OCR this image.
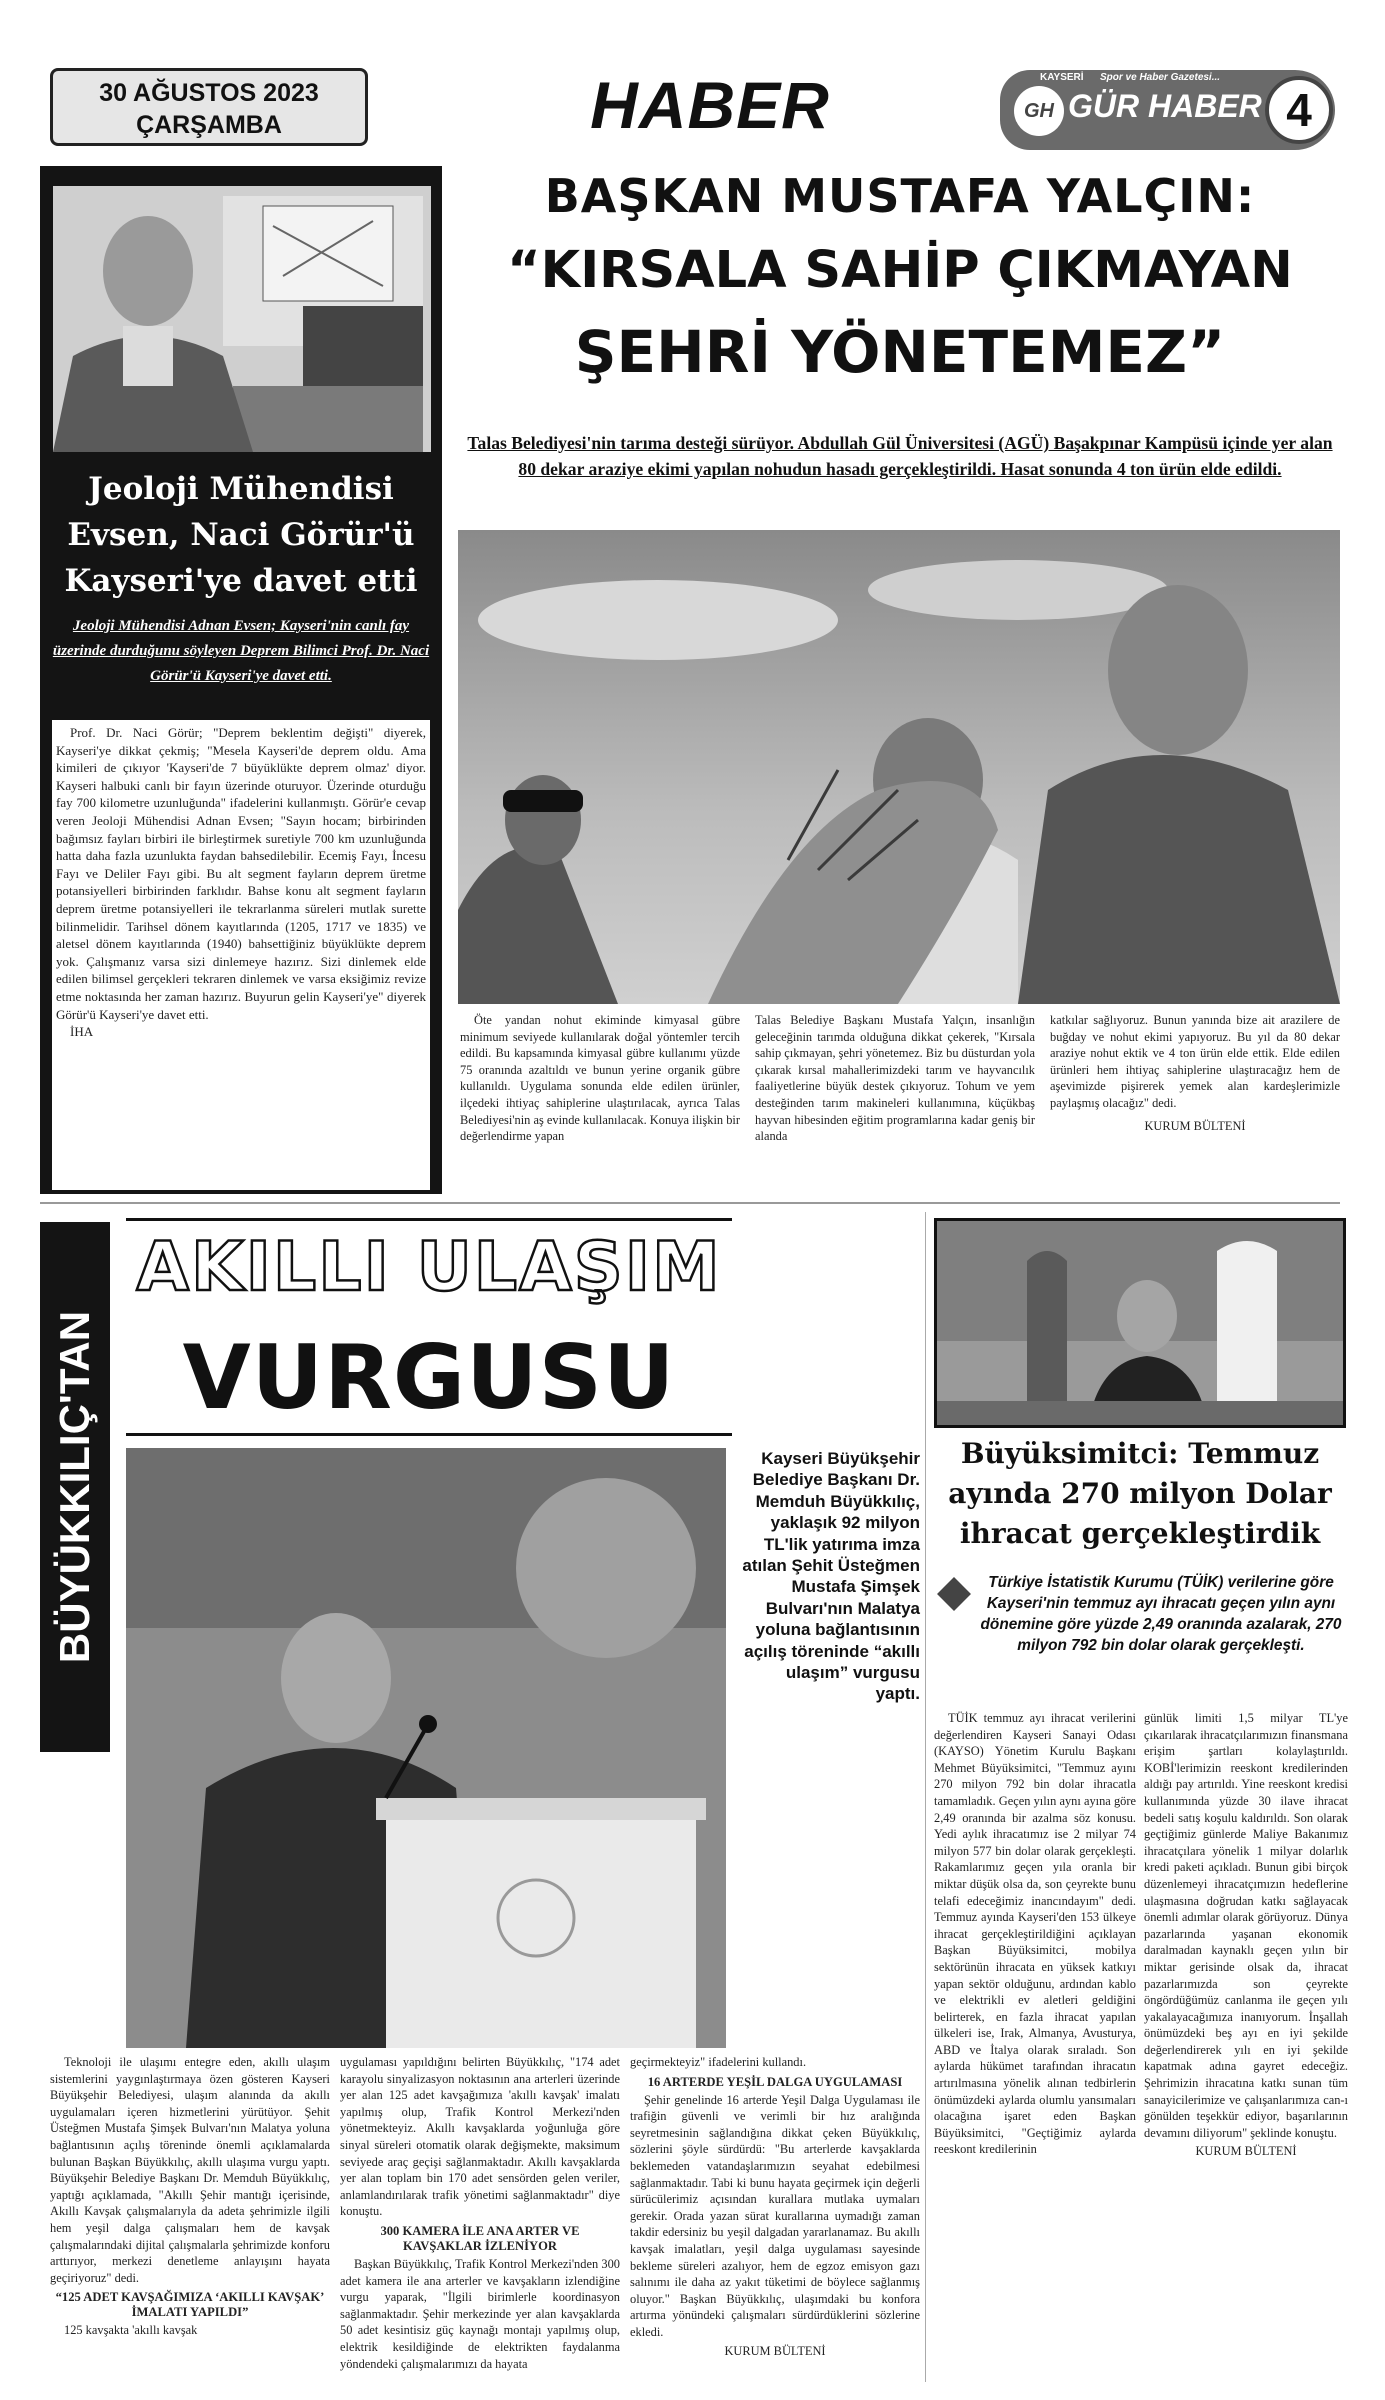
30 AĞUSTOS 2023
ÇARŞAMBA	HABER	KAYSERİ Spor ve Haber Gazetesi...
GH GÜR HABER 4
Jeoloji Mühendisi Evsen, Naci Görür'ü Kayseri'ye davet etti
Jeoloji Mühendisi Adnan Evsen; Kayseri'nin canlı fay üzerinde durduğunu söyleyen Deprem Bilimci Prof. Dr. Naci Görür'ü Kayseri'ye davet etti.

Prof. Dr. Naci Görür; "Deprem beklentim değişti" diyerek, Kayseri'ye dikkat çekmiş; "Mesela Kayseri'de deprem oldu. Ama kimileri de çıkıyor 'Kayseri'de 7 büyüklükte deprem olmaz' diyor. Kayseri halbuki canlı bir fayın üzerinde oturuyor. Üzerinde oturduğu fay 700 kilometre uzunluğunda" ifadelerini kullanmıştı. Görür'e cevap veren Jeoloji Mühendisi Adnan Evsen; "Sayın hocam; birbirinden bağımsız fayları birbiri ile birleştirmek suretiyle 700 km uzunluğunda hatta daha fazla uzunlukta faydan bahsedilebilir. Ecemiş Fayı, İncesu Fayı ve Deliler Fayı gibi. Bu alt segment fayların deprem üretme potansiyelleri birbirinden farklıdır. Bahse konu alt segment fayların deprem üretme potansiyelleri ile tekrarlanma süreleri mutlak surette bilinmelidir. Tarihsel dönem kayıtlarında (1205, 1717 ve 1835) ve aletsel dönem kayıtlarında (1940) bahsettiğiniz büyüklükte deprem yok. Çalışmanız varsa sizi dinlemeye hazırız. Sizi dinlemek elde edilen bilimsel gerçekleri tekraren dinlemek ve varsa eksiğimiz revize etme noktasında her zaman hazırız. Buyurun gelin Kayseri'ye" diyerek Görür'ü Kayseri'ye davet etti.

İHA

BAŞKAN MUSTAFA YALÇIN:
“KIRSALA SAHİP ÇIKMAYAN
ŞEHRİ YÖNETEMEZ”
Talas Belediyesi'nin tarıma desteği sürüyor. Abdullah Gül Üniversitesi (AGÜ) Başakpınar Kampüsü içinde yer alan 80 dekar araziye ekimi yapılan nohudun hasadı gerçekleştirildi. Hasat sonunda 4 ton ürün elde edildi.

Öte yandan nohut ekiminde kimyasal gübre minimum seviyede kullanılarak doğal yöntemler tercih edildi. Bu kapsamında kimyasal gübre kullanımı yüzde 75 oranında azaltıldı ve bunun yerine organik gübre kullanıldı. Uygulama sonunda elde edilen ürünler, ilçedeki ihtiyaç sahiplerine ulaştırılacak, ayrıca Talas Belediyesi'nin aş evinde kullanılacak. Konuya ilişkin bir değerlendirme yapan

Talas Belediye Başkanı Mustafa Yalçın, insanlığın geleceğinin tarımda olduğuna dikkat çekerek, "Kırsala sahip çıkmayan, şehri yönetemez. Biz bu düsturdan yola çıkarak kırsal mahallerimizdeki tarım ve hayvancılık faaliyetlerine büyük destek çıkıyoruz. Tohum ve yem desteğinden tarım makineleri kullanımına, küçükbaş hayvan hibesinden eğitim programlarına kadar geniş bir alanda

katkılar sağlıyoruz. Bunun yanında bize ait arazilere de buğday ve nohut ekimi yapıyoruz. Bu yıl da 80 dekar araziye nohut ektik ve 4 ton ürün elde ettik. Elde edilen ürünleri hem ihtiyaç sahiplerine ulaştıracağız hem de aşevimizde pişirerek yemek alan kardeşlerimizle paylaşmış olacağız" dedi.

KURUM BÜLTENİ

BÜYÜKKILIÇ'TAN
AKILLI ULAŞIM
VURGUSU
Kayseri Büyükşehir Belediye Başkanı Dr. Memduh Büyükkılıç, yaklaşık 92 milyon TL'lik yatırıma imza atılan Şehit Üsteğmen Mustafa Şimşek Bulvarı'nın Malatya yoluna bağlantısının açılış töreninde “akıllı ulaşım” vurgusu yaptı.

Teknoloji ile ulaşımı entegre eden, akıllı ulaşım sistemlerini yaygınlaştırmaya özen gösteren Kayseri Büyükşehir Belediyesi, ulaşım alanında da akıllı uygulamaları içeren hizmetlerini yürütüyor. Şehit Üsteğmen Mustafa Şimşek Bulvarı'nın Malatya yoluna bağlantısının açılış töreninde önemli açıklamalarda bulunan Başkan Büyükkılıç, akıllı ulaşıma vurgu yaptı. Büyükşehir Belediye Başkanı Dr. Memduh Büyükkılıç, yaptığı açıklamada, "Akıllı Şehir mantığı içerisinde, Akıllı Kavşak çalışmalarıyla da adeta şehrimizle ilgili hem yeşil dalga çalışmaları hem de kavşak çalışmalarındaki dijital çalışmalarla şehrimizde konforu arttırıyor, merkezi denetleme anlayışını hayata geçiriyoruz" dedi.

“125 ADET KAVŞAĞIMIZA ‘AKILLI KAVŞAK’ İMALATI YAPILDI”

125 kavşakta 'akıllı kavşak

uygulaması yapıldığını belirten Büyükkılıç, "174 adet karayolu sinyalizasyon noktasının ana arterleri üzerinde yer alan 125 adet kavşağımıza 'akıllı kavşak' imalatı yapılmış olup, Trafik Kontrol Merkezi'nden yönetmekteyiz. Akıllı kavşaklarda yoğunluğa göre sinyal süreleri otomatik olarak değişmekte, maksimum seviyede araç geçişi sağlanmaktadır. Akıllı kavşaklarda yer alan toplam bin 170 adet sensörden gelen veriler, anlamlandırılarak trafik yönetimi sağlanmaktadır" diye konuştu.

300 KAMERA İLE ANA ARTER VE KAVŞAKLAR İZLENİYOR

Başkan Büyükkılıç, Trafik Kontrol Merkezi'nden 300 adet kamera ile ana arterler ve kavşakların izlendiğine vurgu yaparak, "İlgili birimlerle koordinasyon sağlanmaktadır. Şehir merkezinde yer alan kavşaklarda 50 adet kesintisiz güç kaynağı montajı yapılmış olup, elektrik kesildiğinde de elektrikten faydalanma yöndendeki çalışmalarımızı da hayata

geçirmekteyiz" ifadelerini kullandı.

16 ARTERDE YEŞİL DALGA UYGULAMASI

Şehir genelinde 16 arterde Yeşil Dalga Uygulaması ile trafiğin güvenli ve verimli bir hız aralığında seyretmesinin sağlandığına dikkat çeken Büyükkılıç, sözlerini şöyle sürdürdü: "Bu arterlerde kavşaklarda beklemeden vatandaşlarımızın seyahat edebilmesi sağlanmaktadır. Tabi ki bunu hayata geçirmek için değerli sürücülerimiz açısından kurallara mutlaka uymaları gerekir. Orada yazan sürat kurallarına uymadığı zaman takdir edersiniz bu yeşil dalgadan yararlanamaz. Bu akıllı kavşak imalatları, yeşil dalga uygulaması sayesinde bekleme süreleri azalıyor, hem de egzoz emisyon gazı salınımı ile daha az yakıt tüketimi de böylece sağlanmış oluyor." Başkan Büyükkılıç, ulaşımdaki bu konfora artırma yönündeki çalışmaları sürdürdüklerini sözlerine ekledi.

KURUM BÜLTENİ

Büyüksimitci: Temmuz ayında 270 milyon Dolar ihracat gerçekleştirdik
Türkiye İstatistik Kurumu (TÜİK) verilerine göre Kayseri'nin temmuz ayı ihracatı geçen yılın aynı dönemine göre yüzde 2,49 oranında azalarak, 270 milyon 792 bin dolar olarak gerçekleşti.

TÜİK temmuz ayı ihracat verilerini değerlendiren Kayseri Sanayi Odası (KAYSO) Yönetim Kurulu Başkanı Mehmet Büyüksimitci, "Temmuz ayını 270 milyon 792 bin dolar ihracatla tamamladık. Geçen yılın aynı ayına göre 2,49 oranında bir azalma söz konusu. Yedi aylık ihracatımız ise 2 milyar 74 milyon 577 bin dolar olarak gerçekleşti. Rakamlarımız geçen yıla oranla bir miktar düşük olsa da, son çeyrekte bunu telafi edeceğimiz inancındayım" dedi. Temmuz ayında Kayseri'den 153 ülkeye ihracat gerçekleştirildiğini açıklayan Başkan Büyüksimitci, mobilya sektörünün ihracata en yüksek katkıyı yapan sektör olduğunu, ardından kablo ve elektrikli ev aletleri geldiğini belirterek, en fazla ihracat yapılan ülkeleri ise, Irak, Almanya, Avusturya, ABD ve İtalya olarak sıraladı. Son aylarda hükümet tarafından ihracatın artırılmasına yönelik alınan tedbirlerin önümüzdeki aylarda olumlu yansımaları olacağına işaret eden Başkan Büyüksimitci, "Geçtiğimiz aylarda reeskont kredilerinin

günlük limiti 1,5 milyar TL'ye çıkarılarak ihracatçılarımızın finansmana erişim şartları kolaylaştırıldı. KOBİ'lerimizin reeskont kredilerinden aldığı pay artırıldı. Yine reeskont kredisi kullanımında yüzde 30 ilave ihracat bedeli satış koşulu kaldırıldı. Son olarak geçtiğimiz günlerde Maliye Bakanımız ihracatçılara yönelik 1 milyar dolarlık kredi paketi açıkladı. Bunun gibi birçok düzenlemeyi ihracatçımızın hedeflerine ulaşmasına doğrudan katkı sağlayacak önemli adımlar olarak görüyoruz. Dünya pazarlarında yaşanan ekonomik daralmadan kaynaklı geçen yılın bir miktar gerisinde olsak da, ihracat pazarlarımızda son çeyrekte öngördüğümüz canlanma ile geçen yılı yakalayacağımıza inanıyorum. İnşallah önümüzdeki beş ayı en iyi şekilde değerlendirerek yılı en iyi şekilde kapatmak adına gayret edeceğiz. Şehrimizin ihracatına katkı sunan tüm sanayicilerimize ve çalışanlarımıza can-ı gönülden teşekkür ediyor, başarılarının devamını diliyorum" şeklinde konuştu.

KURUM BÜLTENİ
